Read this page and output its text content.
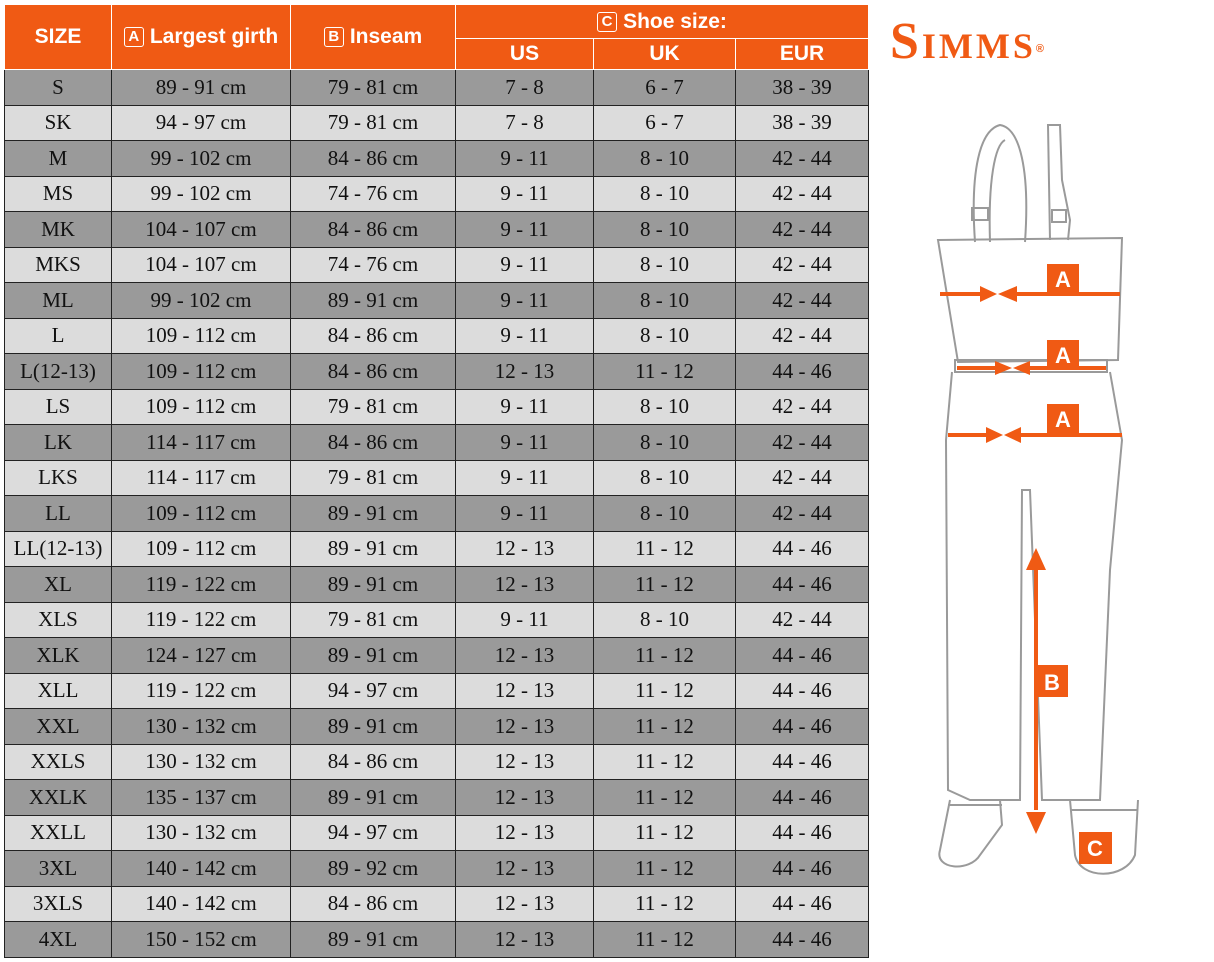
SIZE	A Largest girth	B Inseam	C Shoe size:		
			US	UK	EUR
S	89 - 91 cm	79 - 81 cm	7 - 8	6 - 7	38 - 39
SK	94 - 97 cm	79 - 81 cm	7 - 8	6 - 7	38 - 39
M	99 - 102 cm	84 - 86 cm	9 - 11	8 - 10	42 - 44
MS	99 - 102 cm	74 - 76 cm	9 - 11	8 - 10	42 - 44
MK	104 - 107 cm	84 - 86 cm	9 - 11	8 - 10	42 - 44
MKS	104 - 107 cm	74 - 76 cm	9 - 11	8 - 10	42 - 44
ML	99 - 102 cm	89 - 91 cm	9 - 11	8 - 10	42 - 44
L	109 - 112 cm	84 - 86 cm	9 - 11	8 - 10	42 - 44
L(12-13)	109 - 112 cm	84 - 86 cm	12 - 13	11 - 12	44 - 46
LS	109 - 112 cm	79 - 81 cm	9 - 11	8 - 10	42 - 44
LK	114 - 117 cm	84 - 86 cm	9 - 11	8 - 10	42 - 44
LKS	114 - 117 cm	79 - 81 cm	9 - 11	8 - 10	42 - 44
LL	109 - 112 cm	89 - 91 cm	9 - 11	8 - 10	42 - 44
LL(12-13)	109 - 112 cm	89 - 91 cm	12 - 13	11 - 12	44 - 46
XL	119 - 122 cm	89 - 91 cm	12 - 13	11 - 12	44 - 46
XLS	119 - 122 cm	79 - 81 cm	9 - 11	8 - 10	42 - 44
XLK	124 - 127 cm	89 - 91 cm	12 - 13	11 - 12	44 - 46
XLL	119 - 122 cm	94 - 97 cm	12 - 13	11 - 12	44 - 46
XXL	130 - 132 cm	89 - 91 cm	12 - 13	11 - 12	44 - 46
XXLS	130 - 132 cm	84 - 86 cm	12 - 13	11 - 12	44 - 46
XXLK	135 - 137 cm	89 - 91 cm	12 - 13	11 - 12	44 - 46
XXLL	130 - 132 cm	94 - 97 cm	12 - 13	11 - 12	44 - 46
3XL	140 - 142 cm	89 - 92 cm	12 - 13	11 - 12	44 - 46
3XLS	140 - 142 cm	84 - 86 cm	12 - 13	11 - 12	44 - 46
4XL	150 - 152 cm	89 - 91 cm	12 - 13	11 - 12	44 - 46
Simms®
A
A
A
B
C
